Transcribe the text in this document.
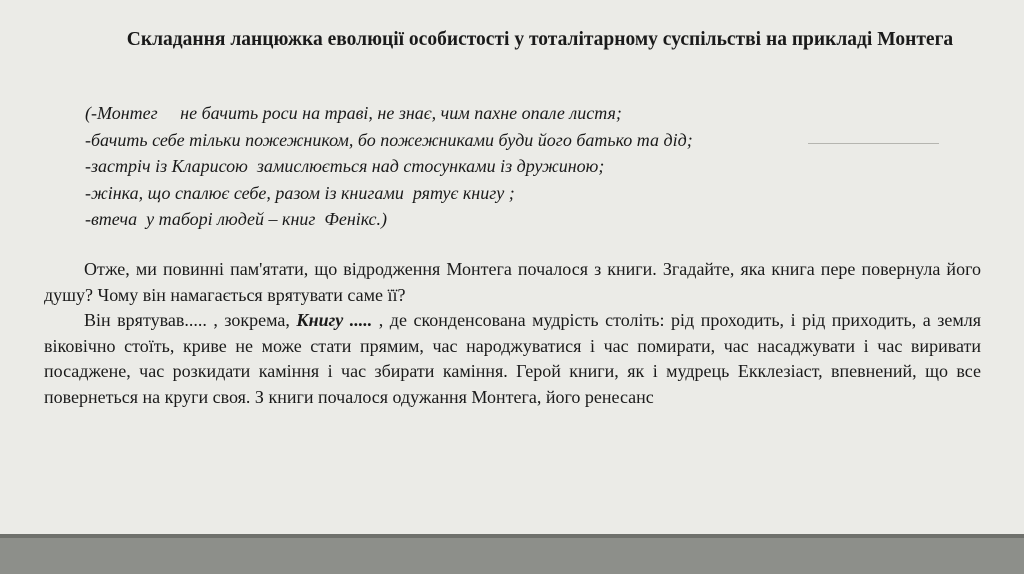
Складання ланцюжка еволюції особистості у тоталітарному суспільстві на прикладі Монтега
(-Монтег     не бачить роси на траві, не знає, чим пахне опале листя;
-бачить себе тільки пожежником, бо пожежниками буди його батько та дід;
-застріч із Кларисою  замислюється над стосунками із дружиною;
-жінка, що спалює себе, разом із книгами  рятує книгу ;
-втеча  у таборі людей – книг  Фенікс.)

Отже, ми повинні пам'ятати, що відродження Монтега почалося з книги. Згадайте, яка книга пере повернула його душу? Чому він намагається врятувати саме її?

Він врятував..... , зокрема, Книгу ..... , де сконденсована мудрість століть: рід проходить, і рід приходить, а земля віковічно стоїть, криве не може стати прямим, час народжуватися і час помирати, час насаджувати і час виривати посаджене, час розкидати каміння і час збирати каміння. Герой книги, як і мудрець Екклезіаст, впевнений, що все повернеться на круги своя. З книги почалося одужання Монтега, його ренесанс
